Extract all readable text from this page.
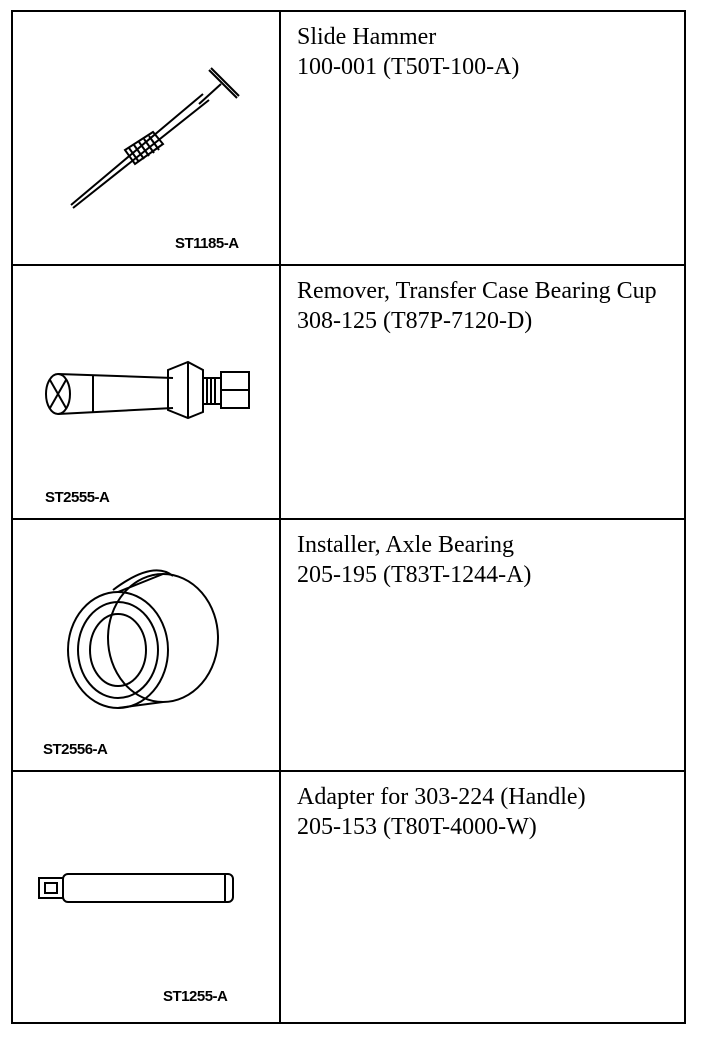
ST1185-A
Slide Hammer
100-001 (T50T-100-A)
ST2555-A
Remover, Transfer Case Bearing Cup
308-125 (T87P-7120-D)
ST2556-A
Installer, Axle Bearing
205-195 (T83T-1244-A)
ST1255-A
Adapter for 303-224 (Handle)
205-153 (T80T-4000-W)
